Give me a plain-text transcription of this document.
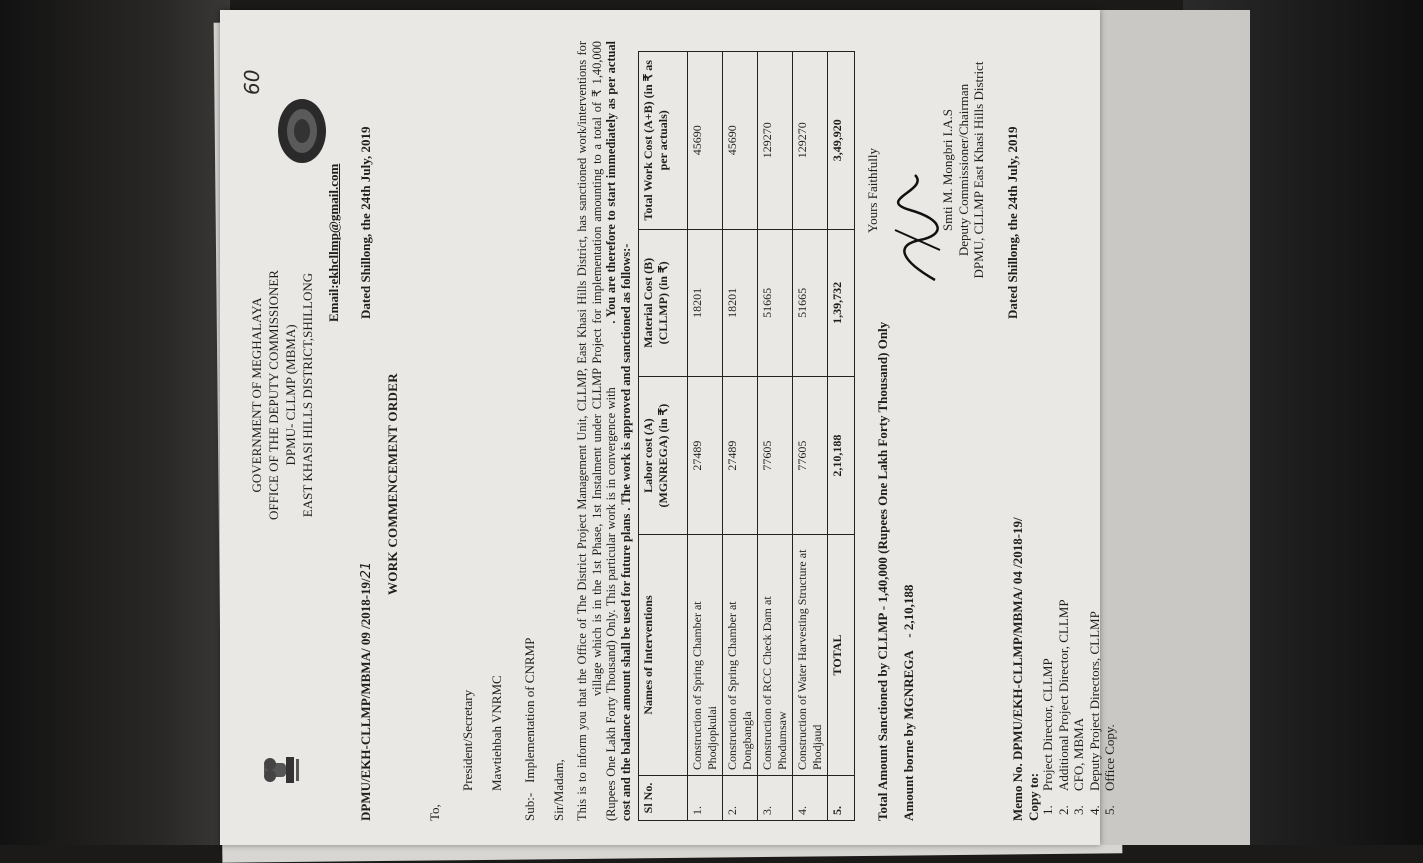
60
GOVERNMENT OF MEGHALAYA OFFICE OF THE DEPUTY COMMISSIONER DPMU- CLLMP (MBMA) EAST KHASI HILLS DISTRICT,SHILLONG Email:ekhcllmp@gmail.com
DPMU/EKH-CLLMP/MBMA/ 09 /2018-19/21
Dated Shillong, the 24th July, 2019
WORK COMMENCEMENT ORDER
To,
President/Secretary Mawtiehbah VNRMC
Sub:-Implementation of CNRMP
Sir/Madam, This is to inform you that the Office of The District Project Management Unit, CLLMP, East Khasi Hills District, has sanctioned work/interventions for  village which is in the 1st Phase, 1st Instalment under CLLMP Project for implementation amounting to a total of ₹ 1,40,000 (Rupees One Lakh Forty Thousand) Only. This particular work is in convergence with . You are therefore to start immediately as per actual cost and the balance amount shall be used for future plans . The work is approved and sanctioned as follows:- Sl No.	Names of Interventions	Labor cost (A) (MGNREGA) (in ₹)	Material Cost (B) (CLLMP) (in ₹)	Total Work Cost (A+B) (in ₹ as per actuals)
1.	Construction of Spring Chamber at Phodjopkulai	27489	18201	45690
2.	Construction of Spring Chamber at Dongbangla	27489	18201	45690
3.	Construction of RCC Check Dam at Phodumsaw	77605	51665	129270
4.	Construction of Water Harvesting Structure at Phodjaud	77605	51665	129270
5.	TOTAL	2,10,188	1,39,732	3,49,920
Total Amount Sanctioned by CLLMP - 1,40,000 (Rupees One Lakh Forty Thousand) Only
Amount borne by MGNREGA - 2,10,188
Yours Faithfully	Smti M. Mongbri I.A.S Deputy Commissioner/Chairman DPMU, CLLMP East Khasi Hills District
Memo No. DPMU/EKH-CLLMP/MBMA/ 04 /2018-19/
Dated Shillong, the 24th July, 2019
Copy to: 1.Project Director, CLLMP
2.Additional Project Director, CLLMP
3.CFO, MBMA
4.Deputy Project Directors, CLLMP
5.Office Copy.
